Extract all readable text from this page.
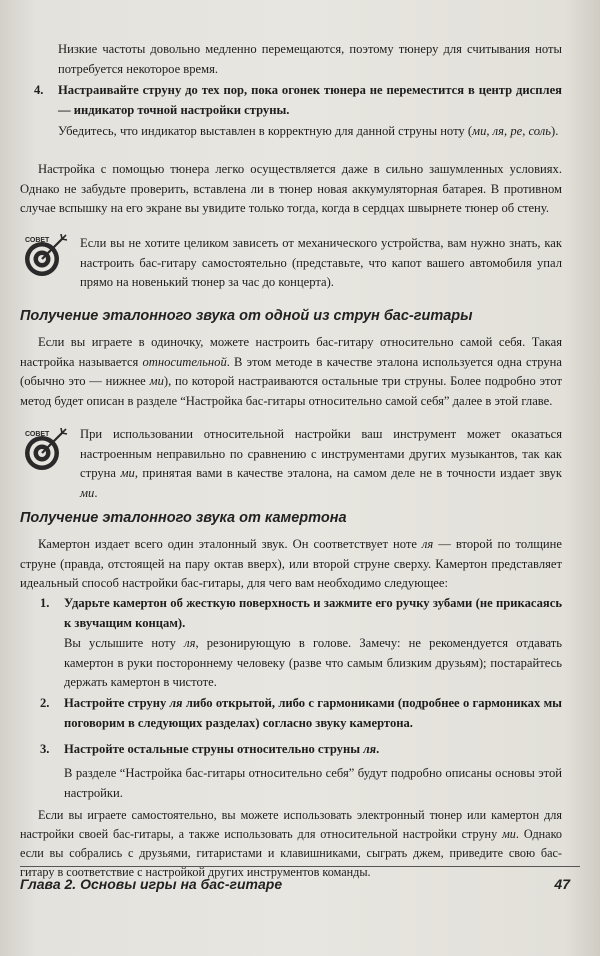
Низкие частоты довольно медленно перемещаются, поэтому тюнеру для считывания ноты потребуется некоторое время.
4. Настраивайте струну до тех пор, пока огонек тюнера не переместится в центр дисплея — индикатор точной настройки струны.
Убедитесь, что индикатор выставлен в корректную для данной струны ноту (ми, ля, ре, соль).
Настройка с помощью тюнера легко осуществляется даже в сильно зашумленных условиях. Однако не забудьте проверить, вставлена ли в тюнер новая аккумуляторная батарея. В противном случае вспышку на его экране вы увидите только тогда, когда в сердцах швырнете тюнер об стену.
СОВЕТ Если вы не хотите целиком зависеть от механического устройства, вам нужно знать, как настроить бас-гитару самостоятельно (представьте, что капот вашего автомобиля упал прямо на новенький тюнер за час до концерта).
Получение эталонного звука от одной из струн бас-гитары
Если вы играете в одиночку, можете настроить бас-гитару относительно самой себя. Такая настройка называется относительной. В этом методе в качестве эталона используется одна струна (обычно это — нижнее ми), по которой настраиваются остальные три струны. Более подробно этот метод будет описан в разделе “Настройка бас-гитары относительно самой себя” далее в этой главе.
СОВЕТ При использовании относительной настройки ваш инструмент может оказаться настроенным неправильно по сравнению с инструментами других музыкантов, так как струна ми, принятая вами в качестве эталона, на самом деле не в точности издает звук ми.
Получение эталонного звука от камертона
Камертон издает всего один эталонный звук. Он соответствует ноте ля — второй по толщине струне (правда, отстоящей на пару октав вверх), или второй струне сверху. Камертон представляет идеальный способ настройки бас-гитары, для чего вам необходимо следующее:
1. Ударьте камертон об жесткую поверхность и зажмите его ручку зубами (не прикасаясь к звучащим концам).
Вы услышите ноту ля, резонирующую в голове. Замечу: не рекомендуется отдавать камертон в руки постороннему человеку (разве что самым близким друзьям); постарайтесь держать камертон в чистоте.
2. Настройте струну ля либо открытой, либо с гармониками (подробнее о гармониках мы поговорим в следующих разделах) согласно звуку камертона.
3. Настройте остальные струны относительно струны ля.
В разделе “Настройка бас-гитары относительно себя” будут подробно описаны основы этой настройки.
Если вы играете самостоятельно, вы можете использовать электронный тюнер или камертон для настройки своей бас-гитары, а также использовать для относительной настройки струну ми. Однако если вы собрались с друзьями, гитаристами и клавишниками, сыграть джем, приведите свою бас-гитару в соответствие с настройкой других инструментов команды.
Глава 2. Основы игры на бас-гитаре	47
